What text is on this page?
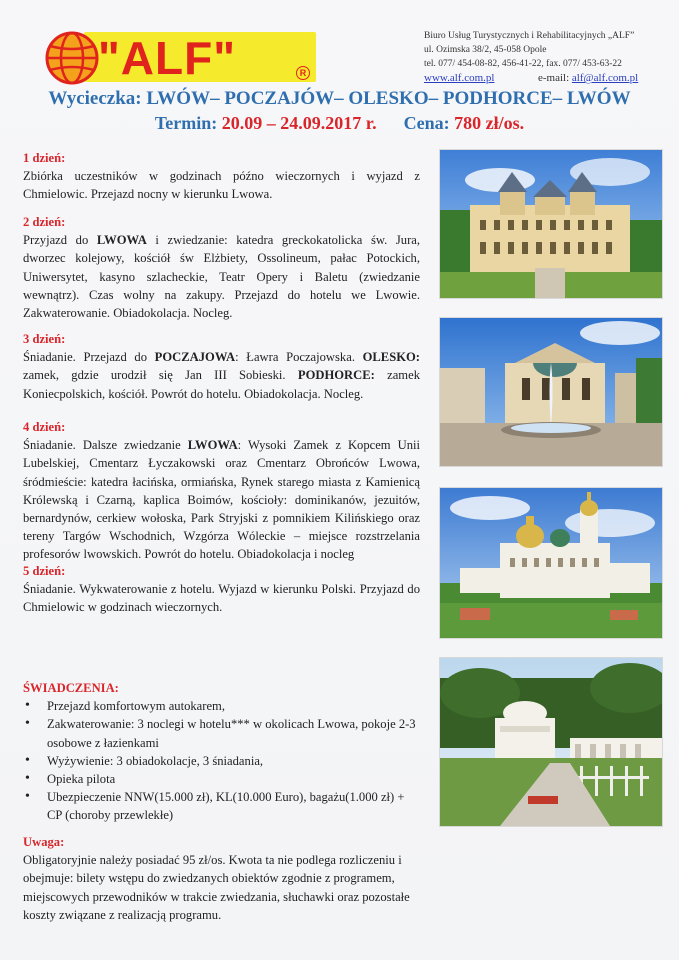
"ALF"	R
Biuro Usług Turystycznych i Rehabilitacyjnych „ALF”
ul. Ozimska 38/2, 45-058 Opole
tel. 077/ 454-08-82, 456-41-22, fax. 077/ 453-63-22
www.alf.com.pl	e-mail: alf@alf.com.pl
Wycieczka: LWÓW– POCZAJÓW– OLESKO– PODHORCE– LWÓW
Termin: 20.09 – 24.09.2017 r. Cena: 780 zł/os.
1 dzień:
Zbiórka uczestników w godzinach późno wieczornych i wyjazd z Chmielowic. Przejazd nocny w kierunku Lwowa.
2 dzień:
Przyjazd do LWOWA i zwiedzanie: katedra greckokatolicka św. Jura, dworzec kolejowy, kościół św Elżbiety, Ossolineum, pałac Potockich, Uniwersytet, kasyno szlacheckie, Teatr Opery i Baletu (zwiedzanie wewnątrz). Czas wolny na zakupy. Przejazd do hotelu we Lwowie. Zakwaterowanie. Obiadokolacja. Nocleg.
3 dzień:
Śniadanie. Przejazd do POCZAJOWA: Ławra Poczajowska. OLESKO: zamek, gdzie urodził się Jan III Sobieski. PODHORCE: zamek Koniecpolskich, kościół. Powrót do hotelu. Obiadokolacja. Nocleg.
4 dzień:
Śniadanie. Dalsze zwiedzanie LWOWA: Wysoki Zamek z Kopcem Unii Lubelskiej, Cmentarz Łyczakowski oraz Cmentarz Obrońców Lwowa, śródmieście: katedra łacińska, ormiańska, Rynek starego miasta z Kamienicą Królewską i Czarną, kaplica Boimów, kościoły: dominikanów, jezuitów, bernardynów, cerkiew wołoska, Park Stryjski z pomnikiem Kilińskiego oraz tereny Targów Wschodnich, Wzgórza Wóleckie – miejsce rozstrzelania profesorów lwowskich. Powrót do hotelu. Obiadokolacja i nocleg
5 dzień:
Śniadanie. Wykwaterowanie z hotelu. Wyjazd w kierunku Polski. Przyjazd do Chmielowic w godzinach wieczornych.
ŚWIADCZENIA:
• Przejazd komfortowym autokarem,
• Zakwaterowanie: 3 noclegi w hotelu*** w okolicach Lwowa, pokoje 2-3 osobowe z łazienkami
• Wyżywienie: 3 obiadokolacje, 3 śniadania,
• Opieka pilota
• Ubezpieczenie NNW(15.000 zł), KL(10.000 Euro), bagażu(1.000 zł) + CP (choroby przewlekłe)
Uwaga:
Obligatoryjnie należy posiadać 95 zł/os. Kwota ta nie podlega rozliczeniu i obejmuje: bilety wstępu do zwiedzanych obiektów zgodnie z programem, miejscowych przewodników w trakcie zwiedzania, słuchawki oraz pozostałe koszty związane z realizacją programu.
